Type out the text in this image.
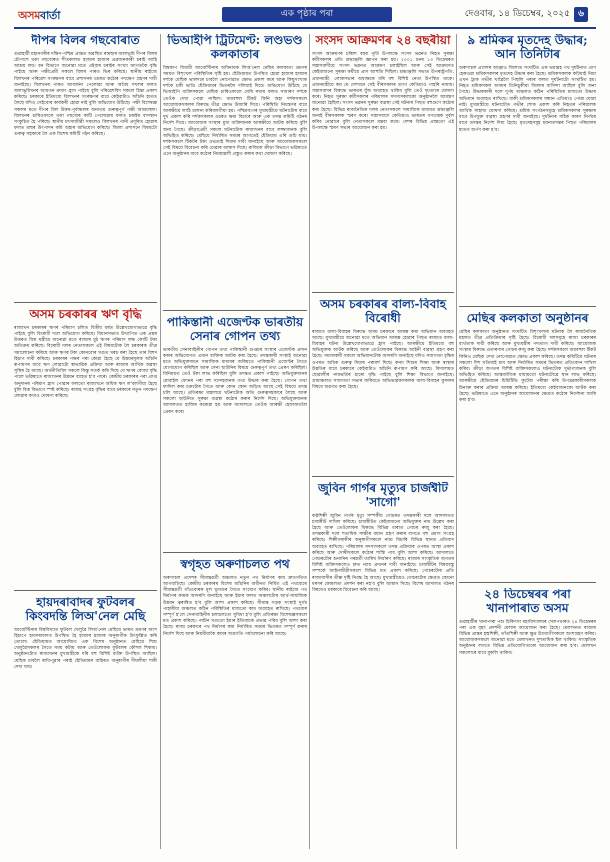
অসমবাৰ্তা	এক পৃষ্ঠাৰ পৰা	দেওবাৰ, ১৪ ডিচেম্বৰ, ২০২৫ ৬
দীপৰ বিলৰ গছবোৰাত

গুৱাহাটী মহানগৰীৰ দক্ষিণ-পশ্চিম প্ৰান্তত অৱস্থিত ৰামছাৰ জলাভূমি দীপৰ বিলৰ চৌপাশে থকা গছবোৰত শীতকালত হাজাৰ হাজাৰ প্ৰব্ৰজনকাৰী চৰাই আহি আশ্ৰয় লয়। বন বিভাগে জনোৱা মতে এইবাৰ চৰাইৰ সংখ্যা আগতকৈ বৃদ্ধি পাইছে আৰু পক্ষীপ্ৰেমী সকলে বিলৰ পাৰত ভিৰ কৰিছে। স্থানীয় ৰাইজে বিলখনৰ পৰিৱেশ সংৰক্ষণৰ বাবে প্ৰশাসনৰ ওচৰত কঠোৰ পদক্ষেপ গ্ৰহণৰ দাবী জনাইছে। বিলখনৰ পাৰত আবৰ্জনা পেলোৱা আৰু অবৈধ দখলৰ ফলত জলাভূমিখনৰ আয়তন ক্ৰমাৎ হ্ৰাস পাইছে বুলি পৰিৱেশবিদ সকলে চিন্তা প্ৰকাশ কৰিছে। চৰকাৰে ইতিমধ্যে বিলখনৰ সংৰক্ষণৰ বাবে কেইবাটাও আঁচনি হাতত লৈছে যদিও সেইবোৰ কাৰ্যকৰী হোৱা নাই বুলি অভিযোগ উঠিছে। পক্ষী বিশেষজ্ঞ সকলৰ মতে দীপৰ বিল উত্তৰ-পূৰ্বাঞ্চলৰ অন্যতম গুৰুত্বপূৰ্ণ পক্ষী আশ্ৰয়স্থল। বিলখনৰ চাৰিওফালে থকা গছবোৰ কাটি পেলোৱাৰ ফলত চৰাইৰ বাসস্থান সংকুচিত হৈ পৰিছে। স্থানীয় মৎস্যজীৱী সকলেও বিলখনৰ পানী প্ৰদূষিত হোৱাৰ ফলত মাছৰ উৎপাদন কমি অহাৰ অভিযোগ কৰিছে। জিলা প্ৰশাসনে বিষয়টো গুৰুত্ব সহকাৰে লৈ এক বিশেষ কমিটি গঠন কৰিছে।

অসম চৰকাৰৰ ঋণ বৃদ্ধি

ৰাজ্যখন চৰকাৰৰ ঋণৰ পৰিমাণ চলিত বিত্তীয় বৰ্ষত উল্লেখযোগ্যভাৱে বৃদ্ধি পাইছে বুলি বিৰোধী দলে অভিযোগ কৰিছে। বিধানসভাত উত্থাপিত এক প্ৰশ্নৰ উত্তৰত বিত্ত মন্ত্ৰীয়ে জনোৱা মতে ৰাজ্যৰ মুঠ ঋণৰ পৰিমাণ লক্ষ কোটি টকা অতিক্ৰম কৰিছে। বিৰোধী দলৰ নেতাসকলে এই বিষয়টোক লৈ চৰকাৰক তীব্ৰ সমালোচনা কৰিছে আৰু ঋণৰ টকা কোনবোৰ খণ্ডত খৰচ কৰা হৈছে তাৰ বিশদ হিচাপ দাবী কৰিছে। চৰকাৰৰ পক্ষৰ পৰা কোৱা হৈছে যে উন্নয়নমূলক আঁচনি ৰূপায়ণৰ বাবে ঋণ লোৱাটো স্বাভাৱিক প্ৰক্ৰিয়া আৰু ৰাজ্যৰ আৰ্থিক অৱস্থা সুস্থিৰ হৈ আছে। অৰ্থনীতিবিদ সকলে কিন্তু সতৰ্ক কৰি দিছে যে ঋণৰ বোজা বৃদ্ধি পালে ভৱিষ্যতে ৰাজ্যখনৰ উন্নয়ন ব্যাহত হ'ব পাৰে। কেন্দ্ৰীয় চৰকাৰৰ পৰা প্ৰাপ্ত অনুদানৰ পৰিমাণ হ্ৰাস পোৱাৰ ফলতো ৰাজ্যখনে অধিক ঋণ ল'বলগীয়া হৈছে বুলি বিত্ত বিভাগে স্পষ্ট কৰিছে। ৰাজহ সংগ্ৰহ বৃদ্ধিৰ বাবে চৰকাৰে নতুন পদক্ষেপ লোৱাৰ কথাও ঘোষণা কৰিছে।

হায়দৰাবাদৰ ফুটবলৰ কিংবদন্তি লিঅ'নেল মেছি

আৰ্জেণ্টিনাৰ বিশ্ববিখ্যাত ফুটবল খেলুৱৈ লিঅ'নেল মেছিয়ে ভাৰত ভ্ৰমণৰ অংশ হিচাপে হায়দৰাবাদত উপস্থিত হৈ হাজাৰ হাজাৰ অনুৰাগীক উৎফুল্লিত কৰি তোলে। ষ্টেডিয়ামত আয়োজিত এক বিশেষ অনুষ্ঠানত মেছিয়ে শিশু খেলুৱৈসকলৰ সৈতে সময় কটায় আৰু তেওঁলোকক ফুটবলৰ কৌশল শিকায়। অনুষ্ঠানটোত ৰাজ্যখনৰ মুখ্যমন্ত্ৰীকে ধৰি বহু বিশিষ্ট ব্যক্তি উপস্থিত আছিল। মেছিক চাবলৈ ৰাতিপুৱাৰ পৰাই ষ্টেডিয়ামৰ বাহিৰত অনুৰাগীৰ দীঘলীয়া শাৰী দেখা যায়।

ভিআইপি ট্ৰিটমেণ্ট: লণ্ডভণ্ড কলকাতাৰ

বিশ্বকাপ বিজয়ী আৰ্জেণ্টিনাৰ অধিনায়ক লিঅ'নেল মেছিৰ কলকাতা ভ্ৰমণৰ সময়ত বিশৃংখল পৰিস্থিতিৰ সৃষ্টি হয়। ষ্টেডিয়ামত উপস্থিত হোৱা হাজাৰ হাজাৰ দৰ্শকে মেছিক ভালদৰে চাবলৈ নোপোৱাত ক্ষোভ প্ৰকাশ কৰে আৰু কিছুসংখ্যক দৰ্শকে চকী ভাঙি ষ্টেডিয়ামৰ ভিতৰলৈ দলিয়াই দিয়ে। অভিযোগ উঠিছে যে ভিআইপি ব্যক্তিসকলে মেছিক চাৰিওফালে ঘেৰি ৰখাৰ ফলত সাধাৰণ দৰ্শকে তেওঁক দেখা পোৱা নাছিল। ব্যয়বহুল টিকট কিনি অহা দৰ্শকসকলে আয়োজকসকলৰ বিৰুদ্ধে তীব্ৰ ক্ষোভ উজাৰি দিয়ে। পৰিস্থিতি নিয়ন্ত্ৰণৰ বাবে আৰক্ষীয়ে লাঠি চালনা কৰিবলগীয়া হয়। পশ্চিমবংগৰ মুখ্যমন্ত্ৰীয়ে ঘটনাটোৰ বাবে দুখ প্ৰকাশ কৰি দৰ্শকসকলৰ ওচৰত ক্ষমা বিচাৰে আৰু এক তদন্ত কমিটি গঠনৰ নিৰ্দেশ দিয়ে। আয়োজক সংস্থাৰ মুখ্য ব্যক্তিজনক আৰক্ষীয়ে আটক কৰিছে বুলি জনা গৈছে। ক্ৰীড়াপ্ৰেমী সকলে ঘটনাটোক ৰাজ্যখনৰ বাবে লজ্জাজনক বুলি অভিহিত কৰিছে। মেছিয়ে নিৰ্ধাৰিত সময়ৰ আগতেই ষ্টেডিয়াম এৰি গুচি যায়। দৰ্শকসকলে টিকটৰ টকা ওভতাই দিয়াৰ দাবী জনাইছে আৰু আয়োজকসকলে সেই বিষয়ে বিবেচনা কৰি চোৱাৰ আশ্বাস দিছে। ৰাজ্যিক ক্ৰীড়া বিভাগে ভৱিষ্যতে এনে অনুষ্ঠানৰ বাবে কঠোৰ নিয়মাৱলী প্ৰস্তুত কৰাৰ কথা ঘোষণা কৰিছে।

পাকিস্তানী এজেণ্টক ভাৰতীয় সেনাৰ গোপন তথ্য

ভাৰতীয় সেনাবাহিনীৰ গোপন তথ্য পাকিস্তানী গুপ্তচৰ সংস্থাৰ এজেণ্টক প্ৰদান কৰাৰ অভিযোগত এজন ব্যক্তিক আটক কৰা হৈছে। তদন্তকাৰী সংস্থাই জনোৱা মতে অভিযুক্তজনে সামাজিক মাধ্যমৰ জৰিয়তে পাকিস্তানী এজেণ্টৰ সৈতে যোগাযোগ কৰিছিল আৰু সেনা ছাউনিৰ বিষয়ে গুৰুত্বপূৰ্ণ তথ্য প্ৰেৰণ কৰিছিল। বিনিময়ত তেওঁ টকা লাভ কৰিছিল বুলি তদন্তত প্ৰকাশ পাইছে। অভিযুক্তজনৰ মোবাইল ফোনৰ পৰা বহু সন্দেহজনক তথ্য উদ্ধাৰ কৰা হৈছে। গোপন তথ্য ফাদিল কৰা চক্ৰটোৰ সৈতে আৰু কোন কোন জড়িত আছে সেই বিষয়ে তদন্ত চলি আছে। প্ৰতিৰক্ষা মন্ত্ৰালয়ে ঘটনাটোক অতি গুৰুত্বসহকাৰে লৈছে আৰু সকলো ছাউনিত সুৰক্ষা ব্যৱস্থা কঠোৰ কৰাৰ নিৰ্দেশ দিছে। অভিযুক্তজনক আদালতত হাজিৰ কৰোৱা হয় আৰু আদালতে তেওঁক আৰক্ষী হেফাজতলৈ প্ৰেৰণ কৰে।

স্বগৃহত অৰুণাচলত পথ

অৰুণাচল প্ৰদেশৰ সীমান্তৱৰ্তী অঞ্চলত নতুন পথ নিৰ্মাণৰ কাম দ্ৰুতগতিত আগবাঢ়িছে। কেন্দ্ৰীয় চৰকাৰৰ বিশেষ আঁচনিৰ অধীনত নিৰ্মিত এই পথবোৰে সীমান্তৱৰ্তী গাঁওবোৰক মূল ভূখণ্ডৰ সৈতে সংযোগ কৰিব। স্থানীয় ৰাইজে পথ নিৰ্মাণৰ কামক আদৰণি জনাইছে আৰু ইয়াৰ ফলত অঞ্চলটোৰ আৰ্থ-সামাজিক উন্নয়ন ত্বৰান্বিত হ'ব বুলি আশা প্ৰকাশ কৰিছে। সীমান্ত সড়ক সংস্থাই দুৰ্গম পাহাৰীয়া অঞ্চলত কঠিন পৰিস্থিতিৰ মাজতো কাম অব্যাহত ৰাখিছে। পথবোৰ সম্পূৰ্ণ হ'লে সেনাবাহিনীৰ চলাচলতো সুবিধা হ'ব বুলি প্ৰতিৰক্ষা বিশেষজ্ঞসকলে মত প্ৰকাশ কৰিছে। পৰ্যটন খণ্ডতো ইয়াৰ ইতিবাচক প্ৰভাৱ পৰিব বুলি আশা কৰা হৈছে। ৰাজ্য চৰকাৰে পথ নিৰ্মাণৰ কাম নিৰ্ধাৰিত সময়ৰ ভিতৰত সম্পূৰ্ণ কৰাৰ নিৰ্দেশ দিছে আৰু নিয়মীয়াকৈ কামৰ অগ্ৰগতি পৰ্যালোচনা কৰি আছে।

সংসদ আক্ৰমণৰ ২৪ বছৰীয়া

সংসদ আক্ৰমণৰ চব্বিশ বছৰ পূৰ্তি উপলক্ষে সংসদ ভৱনত নিহত সুৰক্ষা কৰ্মীসকলৰ প্ৰতি শ্ৰদ্ধাঞ্জলি জ্ঞাপন কৰা হয়। ২০০১ চনৰ ১৩ ডিচেম্বৰত সন্ত্ৰাসবাদীয়ে সংসদ ভৱনত আক্ৰমণ চলাইছিল আৰু সেই আক্ৰমণত কেইবাজনো সুৰক্ষা কৰ্মীয়ে প্ৰাণ আহুতি দিছিল। শ্ৰদ্ধাঞ্জলি সভাত উপৰাষ্ট্ৰপতি, প্ৰধানমন্ত্ৰী, লোকসভাৰ অধ্যক্ষকে ধৰি বহু বিশিষ্ট নেতা উপস্থিত থাকে। প্ৰধানমন্ত্ৰীয়ে কয় যে দেশখনে সেই বীৰসকলৰ ত্যাগ কেতিয়াও পাহৰি নাযায়। সন্ত্ৰাসবাদৰ বিৰুদ্ধে ভাৰতৰ যুঁজ অব্যাহত থাকিব বুলি তেওঁ দৃঢ়তাৰে ঘোষণা কৰে। নিহত সুৰক্ষা কৰ্মীসকলৰ পৰিয়ালৰ সদস্যসকলকো অনুষ্ঠানলৈ আমন্ত্ৰণ জনোৱা হৈছিল। সংসদ ভৱনৰ সুৰক্ষা ব্যৱস্থা সেই ঘটনাৰ পিছত বহুগুণে কঠোৰ কৰা হৈছে। বিভিন্ন ৰাজনৈতিক দলৰ নেতাসকলে সামাজিক মাধ্যমত শ্ৰদ্ধাঞ্জলি জনাই বীৰসকলক স্মৰণ কৰে। সন্ত্ৰাসবাদে কেতিয়াও ভাৰতৰ গণতন্ত্ৰক দুৰ্বল কৰিব নোৱাৰে বুলি নেতাসকলে মন্তব্য কৰে। দেশৰ বিভিন্ন প্ৰান্ততো এই উপলক্ষে স্মৰণ সভাৰ আয়োজন কৰা হয়।

অসম চৰকাৰৰ বাল্য-বিবাহ বিৰোধী

ৰাজ্যত বাল্য-বিবাহৰ বিৰুদ্ধে অসম চৰকাৰে আৰম্ভ কৰা অভিযান অব্যাহত আছে। মুখ্যমন্ত্ৰীয়ে জনোৱা মতে অভিযান আৰম্ভ হোৱাৰ পিছত ৰাজ্যত বাল্য-বিবাহৰ ঘটনা উল্লেখযোগ্যভাৱে হ্ৰাস পাইছে। আৰক্ষীয়ে ইতিমধ্যে বহু অভিযুক্তক আটক কৰিছে আৰু তেওঁলোকৰ বিৰুদ্ধে আইনী ব্যৱস্থা গ্ৰহণ কৰা হৈছে। সমাজকৰ্মী সকলে অভিযানটোক আদৰণি জনাইছে যদিও সজাগতা বৃদ্ধিৰ ওপৰত অধিক গুৰুত্ব দিয়াৰ পৰামৰ্শ দিছে। কন্যা শিশুৰ শিক্ষা আৰু স্বাস্থ্যৰ উন্নতিৰ বাবে চৰকাৰে কেইবাটাও আঁচনি ৰূপায়ণ কৰি আছে। বিদ্যালয়ত ছোৱালীৰ নামভৰ্তিৰ হাৰো বৃদ্ধি পাইছে বুলি শিক্ষা বিভাগে জনাইছে। গ্ৰামাঞ্চলত সজাগতা সভাৰ জৰিয়তে অভিভাৱকসকলক বাল্য-বিবাহৰ কুফলৰ বিষয়ে অৱগত কৰা হৈছে।

জুবিন গাৰ্গৰ মৃত্যুৰ চাৰ্জশ্বীট 'সাগো'

কণ্ঠশিল্পী জুবিন গাৰ্গৰ মৃত্যু সম্পৰ্কীয় গোচৰত তদন্তকাৰী দলে আদালতত চাৰ্জশ্বীট দাখিল কৰিছে। চাৰ্জশ্বীটত কেইবাজনো অভিযুক্তৰ নাম উল্লেখ কৰা হৈছে আৰু তেওঁলোকৰ বিৰুদ্ধে বিভিন্ন ধাৰাত গোচৰ ৰুজু কৰা হৈছে। তদন্তকাৰী দলে শতাধিক সাক্ষীৰ বয়ান গ্ৰহণ কৰাৰ লগতে বহু প্ৰমাণ সংগ্ৰহ কৰিছে। শিল্পীগৰাকীৰ অনুৰাগীসকলে ন্যায় বিচাৰি বিভিন্ন স্থানত প্ৰতিবাদ অব্যাহত ৰাখিছে। পৰিয়ালৰ সদস্যসকলে তদন্ত প্ৰক্ৰিয়াৰ ওপৰত আস্থা প্ৰকাশ কৰিছে আৰু দোষীসকলে কঠোৰ শাস্তি পাব বুলি আশা কৰিছে। আদালতে গোচৰটোৰ শুনানিৰ পৰৱৰ্তী তাৰিখ নিৰ্ধাৰণ কৰিছে। ৰাজ্যৰ সাংস্কৃতিক জগতৰ বিশিষ্ট ব্যক্তিসকলেও দ্ৰুত ন্যায় প্ৰদানৰ দাবী জনাইছে। চাৰ্জশ্বীটৰ বিষয়বস্তু সম্পৰ্কে আইনজীৱীসকলে বিভিন্ন মত প্ৰকাশ কৰিছে। গোচৰটোৰ প্ৰতি ৰাজ্যবাসীৰ তীক্ষ্ণ দৃষ্টি নিবদ্ধ হৈ আছে। মুখ্যমন্ত্ৰীয়েও গোচৰটোৰ ক্ষেত্ৰত কোনো ধৰণৰ কোমলতা প্ৰদৰ্শন কৰা নহ'ব বুলি আশ্বাস দিছে। বিশেষ আদালত গঠনৰ বিষয়েও চৰকাৰে বিবেচনা কৰি আছে।

৯ শ্ৰমিকৰ মৃতদেহ উদ্ধাৰ; আন তিনিটাৰ

অৰুণাচল প্ৰদেশৰ আঞ্জাও জিলাত সংঘটিত এক ভয়াৱহ পথ দুৰ্ঘটনাত প্ৰাণ হেৰুওৱা শ্ৰমিকসকলৰ মৃতদেহ উদ্ধাৰ কৰা হৈছে। শ্ৰমিকসকলক কঢ়িয়াই নিয়া এখন ট্ৰাক গভীৰ খাৱৈলৈ পিছলি পৰাৰ ফলত দুৰ্ঘটনাটো সংঘটিত হয়। নিহত শ্ৰমিকসকল অসমৰ তিনিচুকীয়া জিলাৰ বাসিন্দা আছিল বুলি জনা গৈছে। উদ্ধাৰকাৰী দলে দুৰ্গম অঞ্চলত কঠিন পৰিস্থিতিৰ মাজতো উদ্ধাৰ অভিযান অব্যাহত ৰাখিছে। বাকী শ্ৰমিকসকলৰ সন্ধান এতিয়াও পোৱা যোৱা নাই। মুখ্যমন্ত্ৰীয়ে ঘটনাটোত গভীৰ শোক প্ৰকাশ কৰি নিহতৰ পৰিয়ালক আৰ্থিক সাহায্য ঘোষণা কৰিছে। শ্ৰমিক সংগঠনসমূহে শ্ৰমিকসকলৰ সুৰক্ষাৰ বাবে উপযুক্ত ব্যৱস্থা গ্ৰহণৰ দাবী জনাইছে। দুৰ্ঘটনাৰ সঠিক কাৰণ নিৰ্ণয়ৰ বাবে তদন্তৰ নিৰ্দেশ দিয়া হৈছে। মৃতদেহসমূহ ময়নাতদন্তৰ পিছত পৰিয়ালৰ হাতত অৰ্পণ কৰা হ'ব।

মেছিৰ কলকাতা অনুষ্ঠানৰ

মেছিৰ কলকাতা অনুষ্ঠানত সংঘটিত বিশৃংখলাৰ ঘটনাক লৈ ৰাজনৈতিক মহলত তীব্ৰ প্ৰতিক্ৰিয়াৰ সৃষ্টি হৈছে। বিৰোধী দলসমূহে ৰাজ্য চৰকাৰৰ ব্যৰ্থতাক দায়ী কৰিছে আৰু মুখ্যমন্ত্ৰীৰ পদত্যাগ দাবী কৰিছে। আয়োজক সংস্থাৰ বিৰুদ্ধে প্ৰতাৰণাৰ গোচৰ ৰুজু কৰা হৈছে। দৰ্শকসকলে ব্যয়বহুল টিকট কিনিও মেছিক দেখা নোপোৱাত ক্ষোভ প্ৰকাশ কৰিছে। তদন্ত কমিটিয়ে ঘটনাৰ সকলো দিশ খতিয়াই চাব আৰু নিৰ্ধাৰিত সময়ৰ ভিতৰত প্ৰতিবেদন দাখিল কৰিব। ক্ৰীড়া জগতৰ বিশিষ্ট ব্যক্তিসকলেও ঘটনাটোক দুৰ্ভাগ্যজনক বুলি অভিহিত কৰিছে। আন্তৰ্জাতিক মাধ্যমতো ঘটনাটোৱে স্থান লাভ কৰিছে। আৰক্ষীয়ে ষ্টেডিয়ামৰ চিচিটিভি ফুটেজ পৰীক্ষা কৰি উপদ্ৰৱকাৰীসকলক চিনাক্ত কৰাৰ প্ৰক্ৰিয়া আৰম্ভ কৰিছে। ইতিমধ্যে কেইবাজনকো আটক কৰা হৈছে। ভৱিষ্যতে এনে অনুষ্ঠানৰ আয়োজনৰ ক্ষেত্ৰত কঠোৰ নিৰ্দেশনা জাৰি কৰা হ'ব।

২৪ ডিচেম্বৰৰ পৰা খানাপাৰাত অসম

গুৱাহাটীৰ খানাপাৰা পশু চিকিৎসা মহাবিদ্যালয়ৰ খেলপথাৰত ২৪ ডিচেম্বৰৰ পৰা এক বৃহৎ প্ৰদৰ্শনী মেলাৰ আয়োজন কৰা হৈছে। মেলাখনত ৰাজ্যৰ বিভিন্ন প্ৰান্তৰ হস্তশিল্পী, তাঁতশিল্পী আৰু ক্ষুদ্ৰ উদ্যোগীসকলে অংশগ্ৰহণ কৰিব। আয়োজকসকলে জনোৱা মতে মেলাখনত দুশতাধিক ষ্টল থাকিব। সাংস্কৃতিক অনুষ্ঠানৰ লগতে বিভিন্ন প্ৰতিযোগিতাৰো আয়োজন কৰা হ'ব। মেলাখন সকলোৰে বাবে মুকলি থাকিব।
